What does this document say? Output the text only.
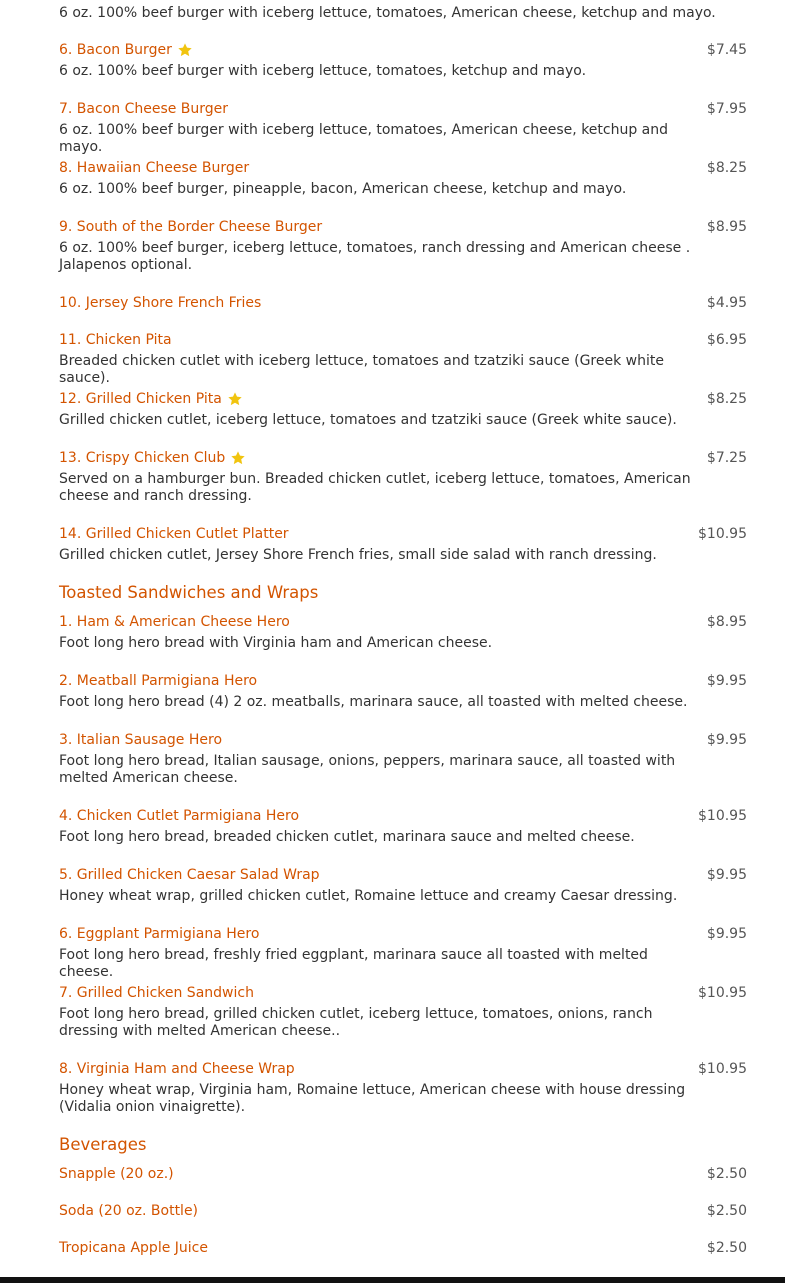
6 oz. 100% beef burger with iceberg lettuce, tomatoes, American cheese, ketchup and mayo.
6. Bacon Burger	$7.45
6 oz. 100% beef burger with iceberg lettuce, tomatoes, ketchup and mayo.
7. Bacon Cheese Burger	$7.95
6 oz. 100% beef burger with iceberg lettuce, tomatoes, American cheese, ketchup and mayo.
8. Hawaiian Cheese Burger	$8.25
6 oz. 100% beef burger, pineapple, bacon, American cheese, ketchup and mayo.
9. South of the Border Cheese Burger	$8.95
6 oz. 100% beef burger, iceberg lettuce, tomatoes, ranch dressing and American cheese . Jalapenos optional.
10. Jersey Shore French Fries	$4.95
11. Chicken Pita	$6.95
Breaded chicken cutlet with iceberg lettuce, tomatoes and tzatziki sauce (Greek white sauce).
12. Grilled Chicken Pita	$8.25
Grilled chicken cutlet, iceberg lettuce, tomatoes and tzatziki sauce (Greek white sauce).
13. Crispy Chicken Club	$7.25
Served on a hamburger bun. Breaded chicken cutlet, iceberg lettuce, tomatoes, American cheese and ranch dressing.
14. Grilled Chicken Cutlet Platter	$10.95
Grilled chicken cutlet, Jersey Shore French fries, small side salad with ranch dressing.
Toasted Sandwiches and Wraps
1. Ham & American Cheese Hero	$8.95
Foot long hero bread with Virginia ham and American cheese.
2. Meatball Parmigiana Hero	$9.95
Foot long hero bread (4) 2 oz. meatballs, marinara sauce, all toasted with melted cheese.
3. Italian Sausage Hero	$9.95
Foot long hero bread, Italian sausage, onions, peppers, marinara sauce, all toasted with melted American cheese.
4. Chicken Cutlet Parmigiana Hero	$10.95
Foot long hero bread, breaded chicken cutlet, marinara sauce and melted cheese.
5. Grilled Chicken Caesar Salad Wrap	$9.95
Honey wheat wrap, grilled chicken cutlet, Romaine lettuce and creamy Caesar dressing.
6. Eggplant Parmigiana Hero	$9.95
Foot long hero bread, freshly fried eggplant, marinara sauce all toasted with melted cheese.
7. Grilled Chicken Sandwich	$10.95
Foot long hero bread, grilled chicken cutlet, iceberg lettuce, tomatoes, onions, ranch dressing with melted American cheese..
8. Virginia Ham and Cheese Wrap	$10.95
Honey wheat wrap, Virginia ham, Romaine lettuce, American cheese with house dressing (Vidalia onion vinaigrette).
Beverages
Snapple (20 oz.)	$2.50
Soda (20 oz. Bottle)	$2.50
Tropicana Apple Juice	$2.50
